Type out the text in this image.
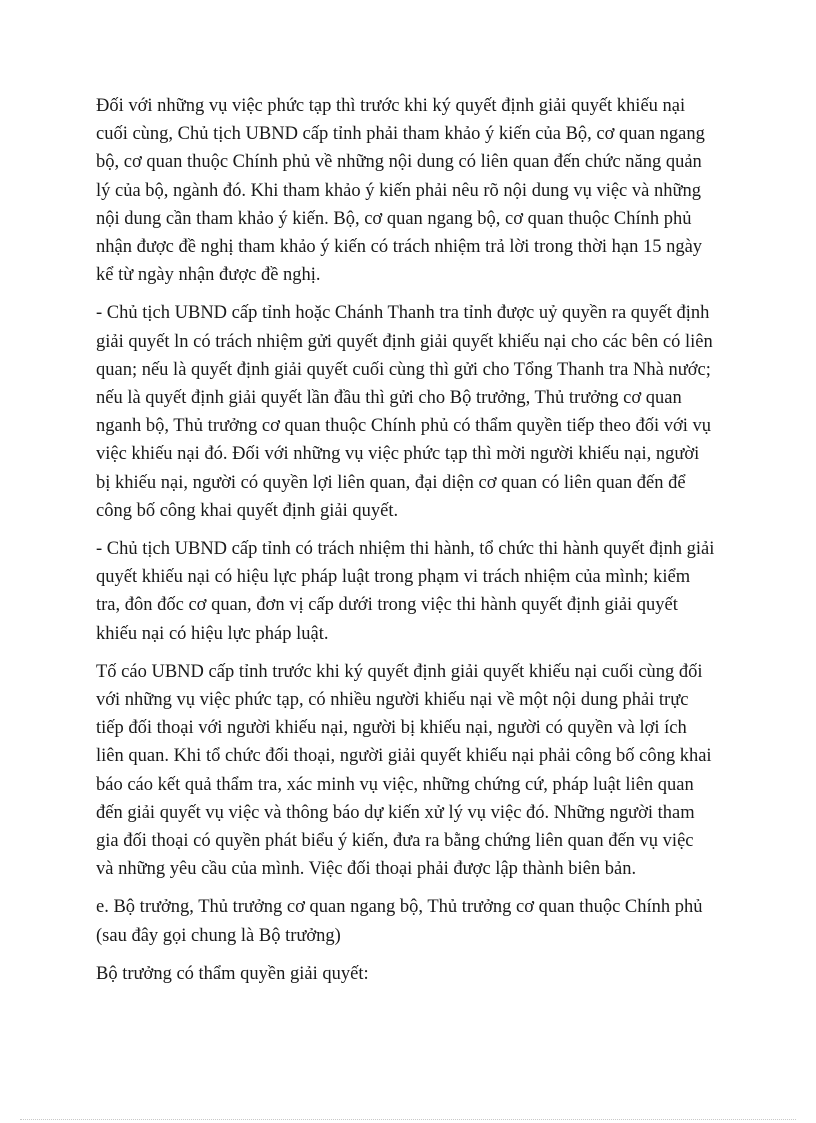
Đối với những vụ việc phức tạp thì trước khi ký quyết định giải quyết khiếu nại
cuối cùng, Chủ tịch UBND cấp tỉnh phải tham khảo ý kiến của Bộ, cơ quan ngang
bộ, cơ quan thuộc Chính phủ về những nội dung có liên quan đến chức năng quản
lý của bộ, ngành đó. Khi tham khảo ý kiến phải nêu rõ nội dung vụ việc và những
nội dung cần tham khảo ý kiến. Bộ, cơ quan ngang bộ, cơ quan thuộc Chính phủ
nhận được đề nghị tham khảo ý kiến có trách nhiệm trả lời trong thời hạn 15 ngày
kể từ ngày nhận được đề nghị.

- Chủ tịch UBND cấp tỉnh hoặc Chánh Thanh tra tỉnh được uỷ quyền ra quyết định
giải quyết ln có trách nhiệm gửi quyết định giải quyết khiếu nại cho các bên có liên
quan; nếu là quyết định giải quyết cuối cùng thì gửi cho Tổng Thanh tra Nhà nước;
nếu là quyết định giải quyết lần đầu thì gửi cho Bộ trưởng, Thủ trưởng cơ quan
nganh bộ, Thủ trưởng cơ quan thuộc Chính phủ có thẩm quyền tiếp theo đối với vụ
việc khiếu nại đó. Đối với những vụ việc phức tạp thì mời người khiếu nại, người
bị khiếu nại, người có quyền lợi liên quan, đại diện cơ quan có liên quan đến để
công bố công khai quyết định giải quyết.

- Chủ tịch UBND cấp tỉnh có trách nhiệm thi hành, tổ chức thi hành quyết định giải
quyết khiếu nại có hiệu lực pháp luật trong phạm vi trách nhiệm của mình; kiểm
tra, đôn đốc cơ quan, đơn vị cấp dưới trong việc thi hành quyết định giải quyết
khiếu nại có hiệu lực pháp luật.

Tố cáo UBND cấp tỉnh trước khi ký quyết định giải quyết khiếu nại cuối cùng đối
với những vụ việc phức tạp, có nhiều người khiếu nại về một nội dung phải trực
tiếp đối thoại với người khiếu nại, người bị khiếu nại, người có quyền và lợi ích
liên quan. Khi tổ chức đối thoại, người giải quyết khiếu nại phải công bố công khai
báo cáo kết quả thẩm tra, xác minh vụ việc, những chứng cứ, pháp luật liên quan
đến giải quyết vụ việc và thông báo dự kiến xử lý vụ việc đó. Những người tham
gia đối thoại có quyền phát biểu ý kiến, đưa ra bằng chứng liên quan đến vụ việc
và những yêu cầu của mình. Việc đối thoại phải được lập thành biên bản.

e. Bộ trưởng, Thủ trưởng cơ quan ngang bộ, Thủ trưởng cơ quan thuộc Chính phủ
(sau đây gọi chung là Bộ trưởng)

Bộ trưởng có thẩm quyền giải quyết:
